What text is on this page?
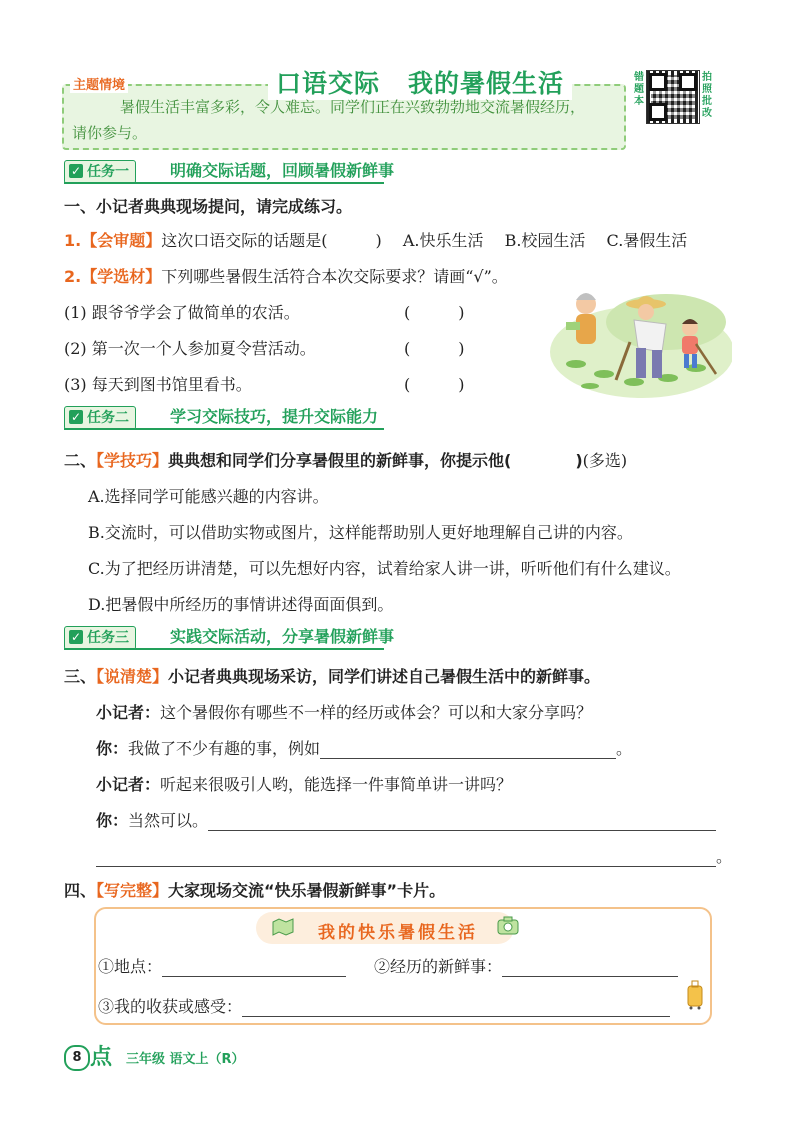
主题情境	口语交际 我的暑假生活
暑假生活丰富多彩，令人难忘。同学们正在兴致勃勃地交流暑假经历，
请你参与。
错题本
拍照批改
✓ 任务一	明确交际话题，回顾暑假新鲜事
一、小记者典典现场提问，请完成练习。
1.【会审题】这次口语交际的话题是(　　　) A.快乐生活 B.校园生活 C.暑假生活
2.【学选材】下列哪些暑假生活符合本次交际要求？请画“√”。
(1) 跟爷爷学会了做简单的农活。	(　　　)
(2) 第一次一个人参加夏令营活动。	(　　　)
(3) 每天到图书馆里看书。	(　　　)
✓ 任务二	学习交际技巧，提升交际能力
二、【学技巧】典典想和同学们分享暑假里的新鲜事，你提示他(　　　　)(多选)
A.选择同学可能感兴趣的内容讲。
B.交流时，可以借助实物或图片，这样能帮助别人更好地理解自己讲的内容。
C.为了把经历讲清楚，可以先想好内容，试着给家人讲一讲，听听他们有什么建议。
D.把暑假中所经历的事情讲述得面面俱到。
✓ 任务三	实践交际活动，分享暑假新鲜事
三、【说清楚】小记者典典现场采访，同学们讲述自己暑假生活中的新鲜事。
小记者：这个暑假你有哪些不一样的经历或体会？可以和大家分享吗？
你：我做了不少有趣的事，例如	。
小记者：听起来很吸引人哟，能选择一件事简单讲一讲吗？
你：当然可以。
。
四、【写完整】大家现场交流“快乐暑假新鲜事”卡片。
我的快乐暑假生活
①地点：	②经历的新鲜事：
③我的收获或感受：
8 点 三年级 语文上（R）
